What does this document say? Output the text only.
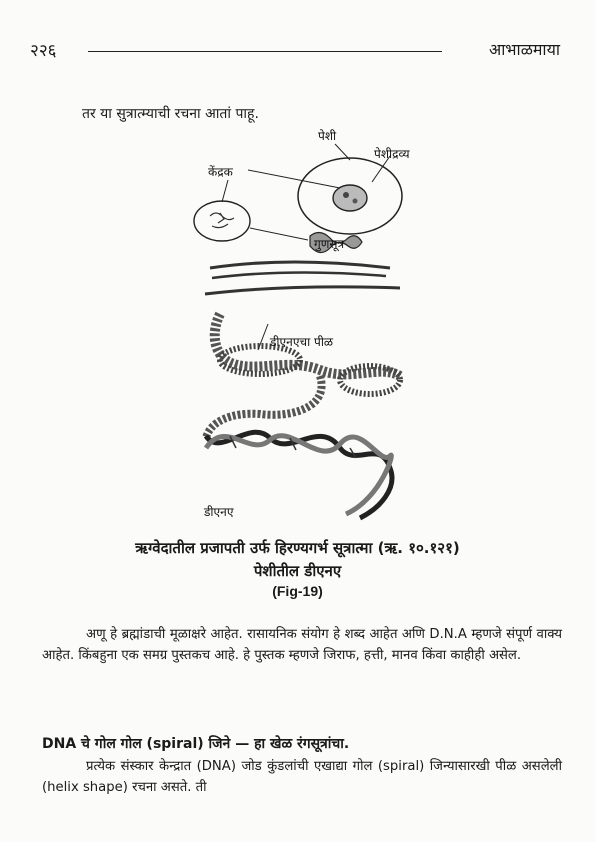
२२६	आभाळमाया
तर या सुत्रात्म्याची रचना आतां पाहू.
पेशी
पेशीद्रव्य
केंद्रक
गुणसूत्र
डीएनएचा पीळ
डीएनए
ऋग्वेदातील प्रजापती उर्फ हिरण्यगर्भ सूत्रात्मा (ऋ. १०.१२१)
पेशीतील डीएनए
(Fig-19)
अणू हे ब्रह्मांडाची मूळाक्षरे आहेत. रासायनिक संयोग हे शब्द आहेत अणि D.N.A म्हणजे संपूर्ण वाक्य आहेत. किंबहुना एक समग्र पुस्तकच आहे. हे पुस्तक म्हणजे जिराफ, हत्ती, मानव किंवा काहीही असेल.
DNA चे गोल गोल (spiral) जिने — हा खेळ रंगसूत्रांचा.
प्रत्येक संस्कार केन्द्रात (DNA) जोड कुंडलांची एखाद्या गोल (spiral) जिन्यासारखी पीळ असलेली (helix shape) रचना असते. ती
